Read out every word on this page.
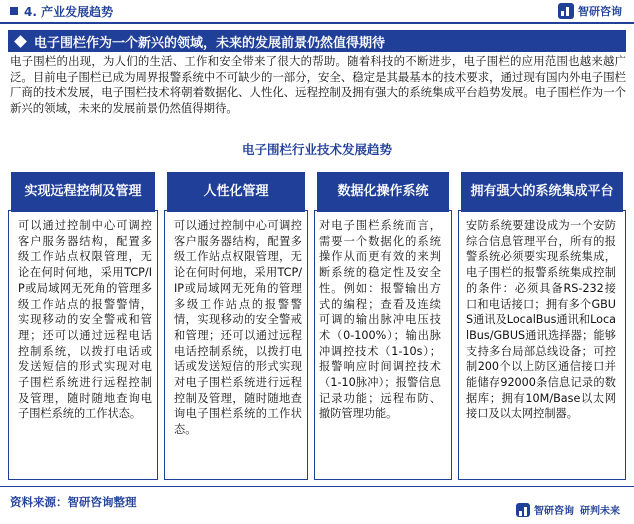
4. 产业发展趋势	智研咨询
电子围栏作为一个新兴的领域，未来的发展前景仍然值得期待
电子围栏的出现，为人们的生活、工作和安全带来了很大的帮助。随着科技的不断进步，电子围栏的应用范围也越来越广泛。目前电子围栏已成为周界报警系统中不可缺少的一部分，安全、稳定是其最基本的技术要求，通过现有国内外电子围栏厂商的技术发展，电子围栏技术将朝着数据化、人性化、远程控制及拥有强大的系统集成平台趋势发展。电子围栏作为一个新兴的领域，未来的发展前景仍然值得期待。
电子围栏行业技术发展趋势
实现远程控制及管理
可以通过控制中心可调控客户服务器结构，配置多级工作站点权限管理，无论在何时何地，采用TCP/IP或局域网无死角的管理多级工作站点的报警警情，实现移动的安全警戒和管理；还可以通过远程电话控制系统，以拨打电话或发送短信的形式实现对电子围栏系统进行远程控制及管理，随时随地查询电子围栏系统的工作状态。
人性化管理
可以通过控制中心可调控客户服务器结构，配置多级工作站点权限管理，无论在何时何地，采用TCP/IP或局域网无死角的管理多级工作站点的报警警情，实现移动的安全警戒和管理；还可以通过远程电话控制系统，以拨打电话或发送短信的形式实现对电子围栏系统进行远程控制及管理，随时随地查询电子围栏系统的工作状态。
数据化操作系统
对电子围栏系统而言，需要一个数据化的系统操作从而更有效的来判断系统的稳定性及安全性。例如：报警输出方式的编程；查看及连续可调的输出脉冲电压技术（0-100%）；输出脉冲调控技术（1-10s）；报警响应时间调控技术（1-10脉冲）；报警信息记录功能；远程布防、撤防管理功能。
拥有强大的系统集成平台
安防系统要建设成为一个安防综合信息管理平台，所有的报警系统必须要实现系统集成，电子围栏的报警系统集成控制的条件：必须具备RS-232接口和电话接口；拥有多个GBUS通讯及LocalBus通讯和LocalBus/GBUS通讯选择器；能够支持多台局部总线设备；可控制200个以上防区通信接口并能储存92000条信息记录的数据库；拥有10M/Base以太网接口及以太网控制器。
资料来源：智研咨询整理
智研咨询 研判未来
